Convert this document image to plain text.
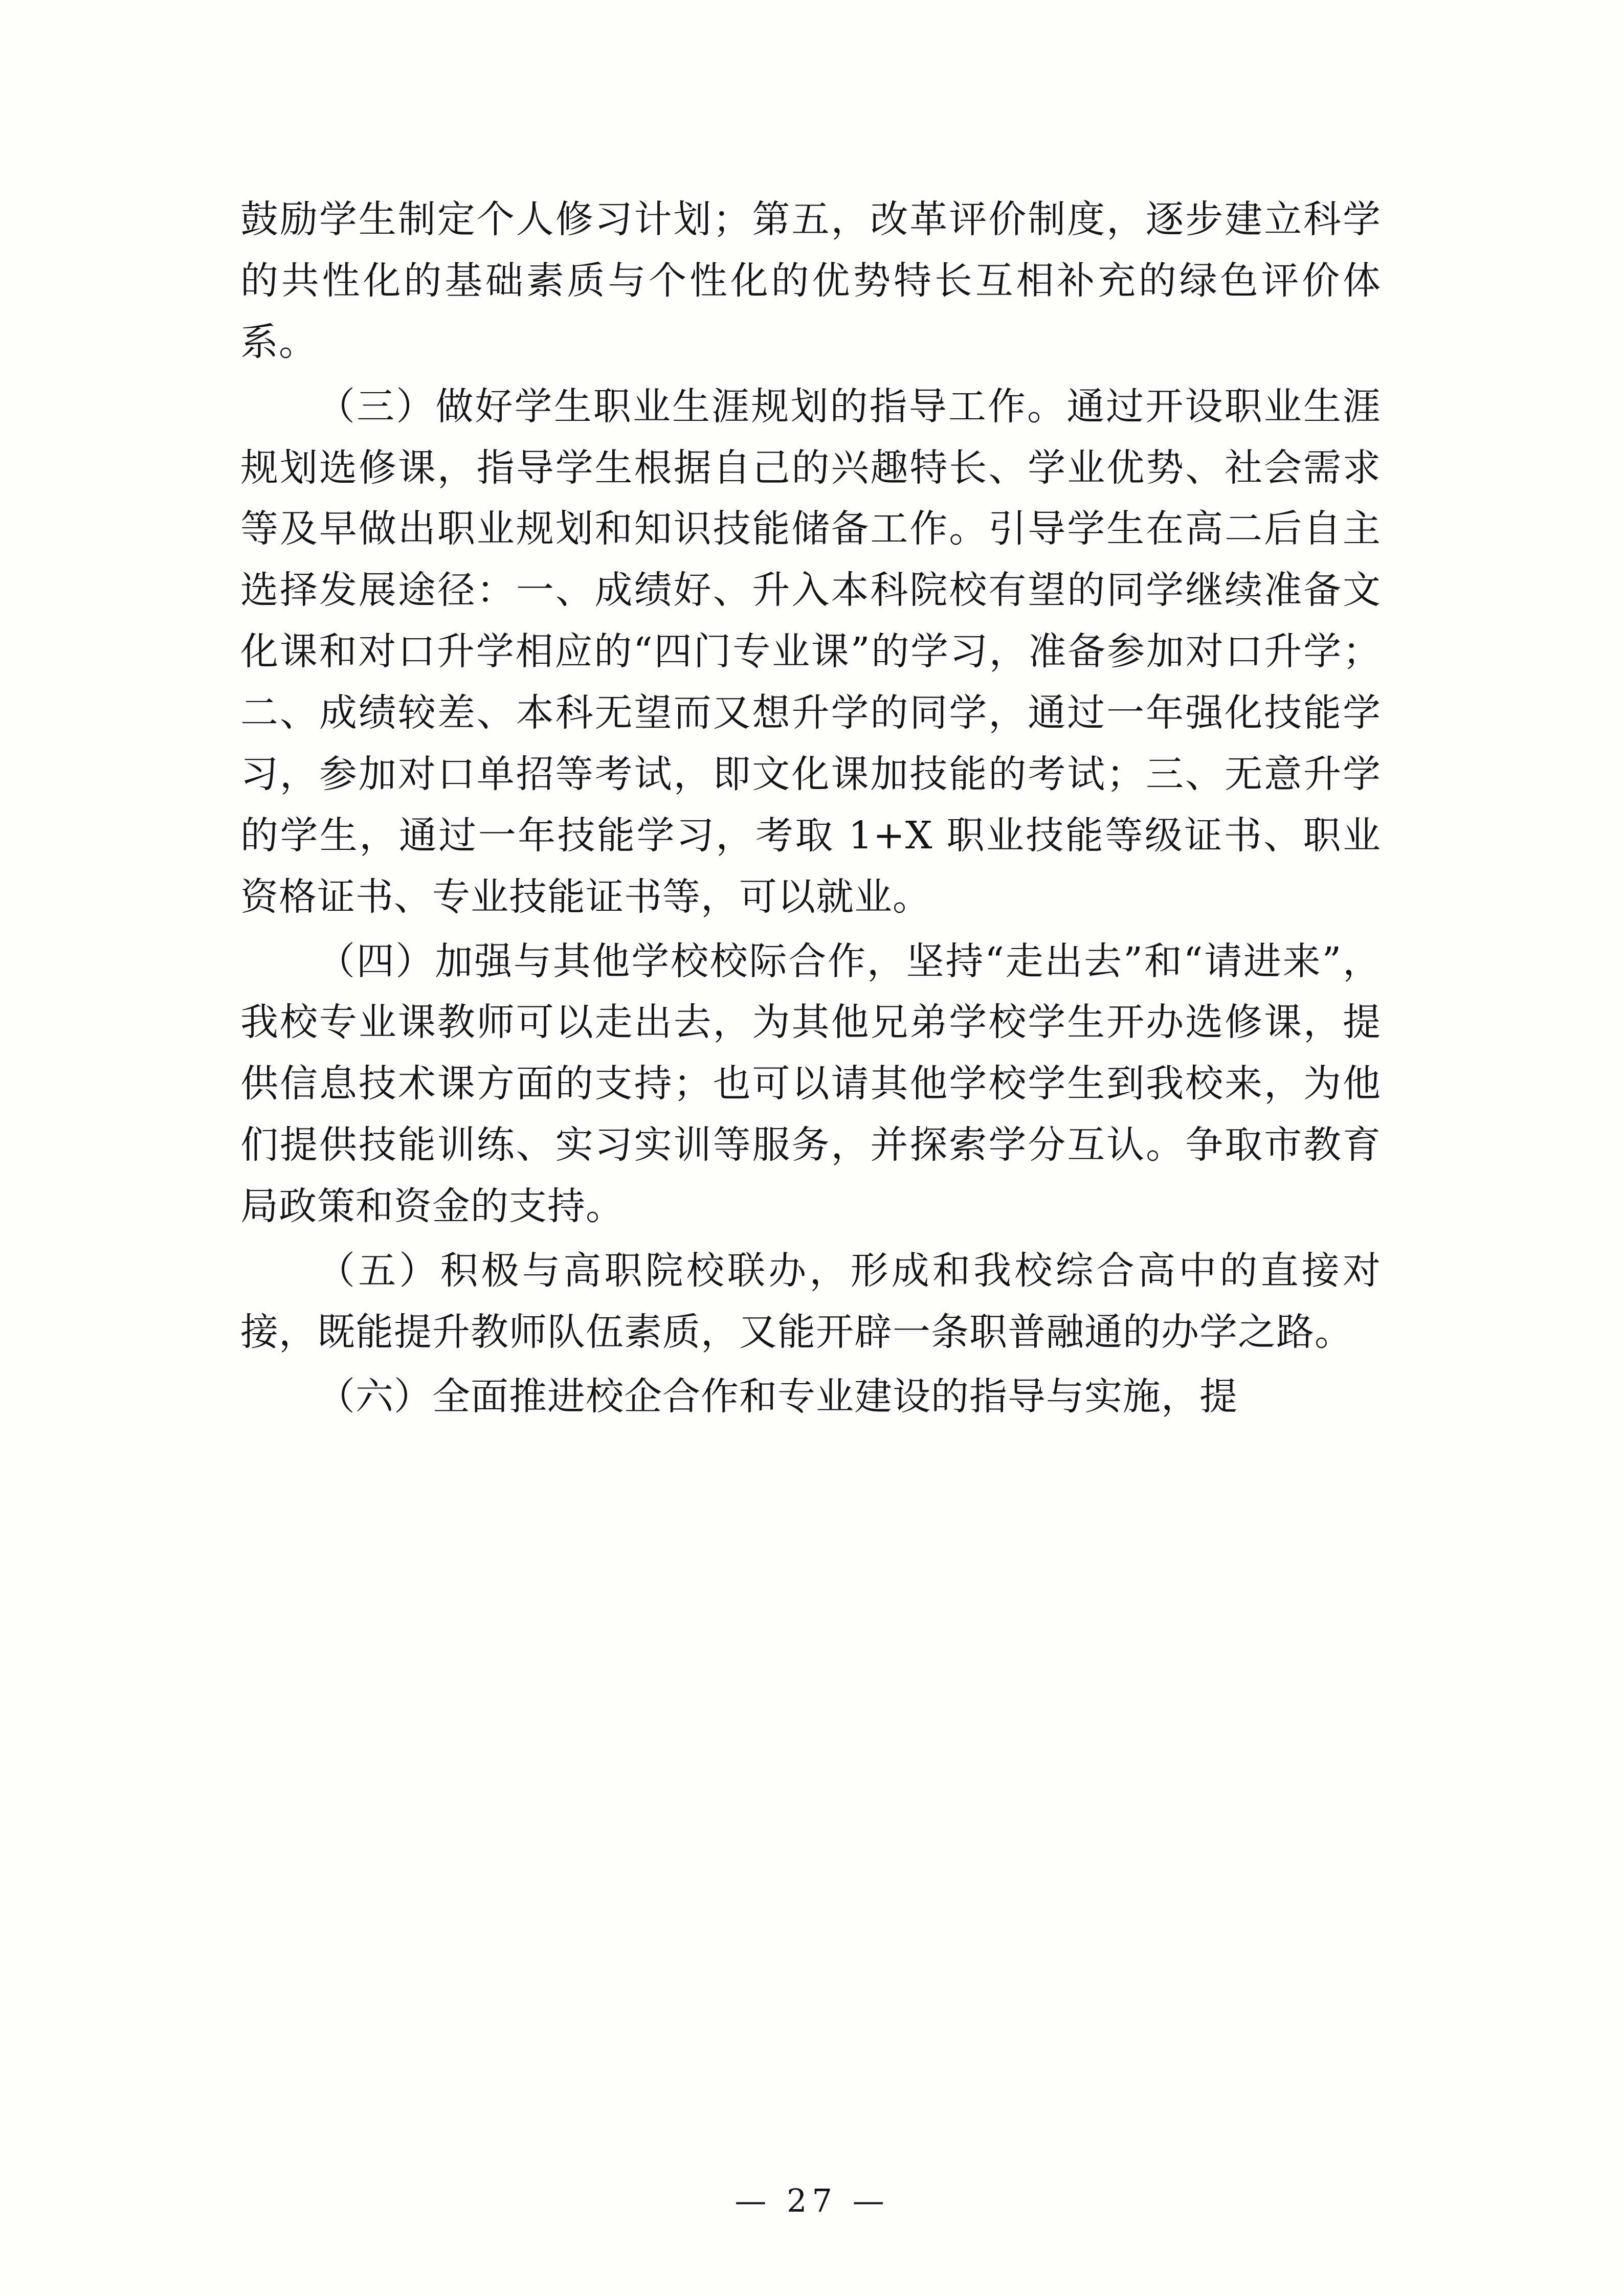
鼓励学生制定个人修习计划；第五，改革评价制度，逐步建立科学的共性化的基础素质与个性化的优势特长互相补充的绿色评价体系。

（三）做好学生职业生涯规划的指导工作。通过开设职业生涯规划选修课，指导学生根据自己的兴趣特长、学业优势、社会需求等及早做出职业规划和知识技能储备工作。引导学生在高二后自主选择发展途径：一、成绩好、升入本科院校有望的同学继续准备文化课和对口升学相应的“四门专业课”的学习，准备参加对口升学；二、成绩较差、本科无望而又想升学的同学，通过一年强化技能学习，参加对口单招等考试，即文化课加技能的考试；三、无意升学的学生，通过一年技能学习，考取 1+X 职业技能等级证书、职业资格证书、专业技能证书等，可以就业。

（四）加强与其他学校校际合作，坚持“走出去”和“请进来”，我校专业课教师可以走出去，为其他兄弟学校学生开办选修课，提供信息技术课方面的支持；也可以请其他学校学生到我校来，为他们提供技能训练、实习实训等服务，并探索学分互认。争取市教育局政策和资金的支持。

（五）积极与高职院校联办，形成和我校综合高中的直接对接，既能提升教师队伍素质，又能开辟一条职普融通的办学之路。

（六）全面推进校企合作和专业建设的指导与实施，提

— 27 —
